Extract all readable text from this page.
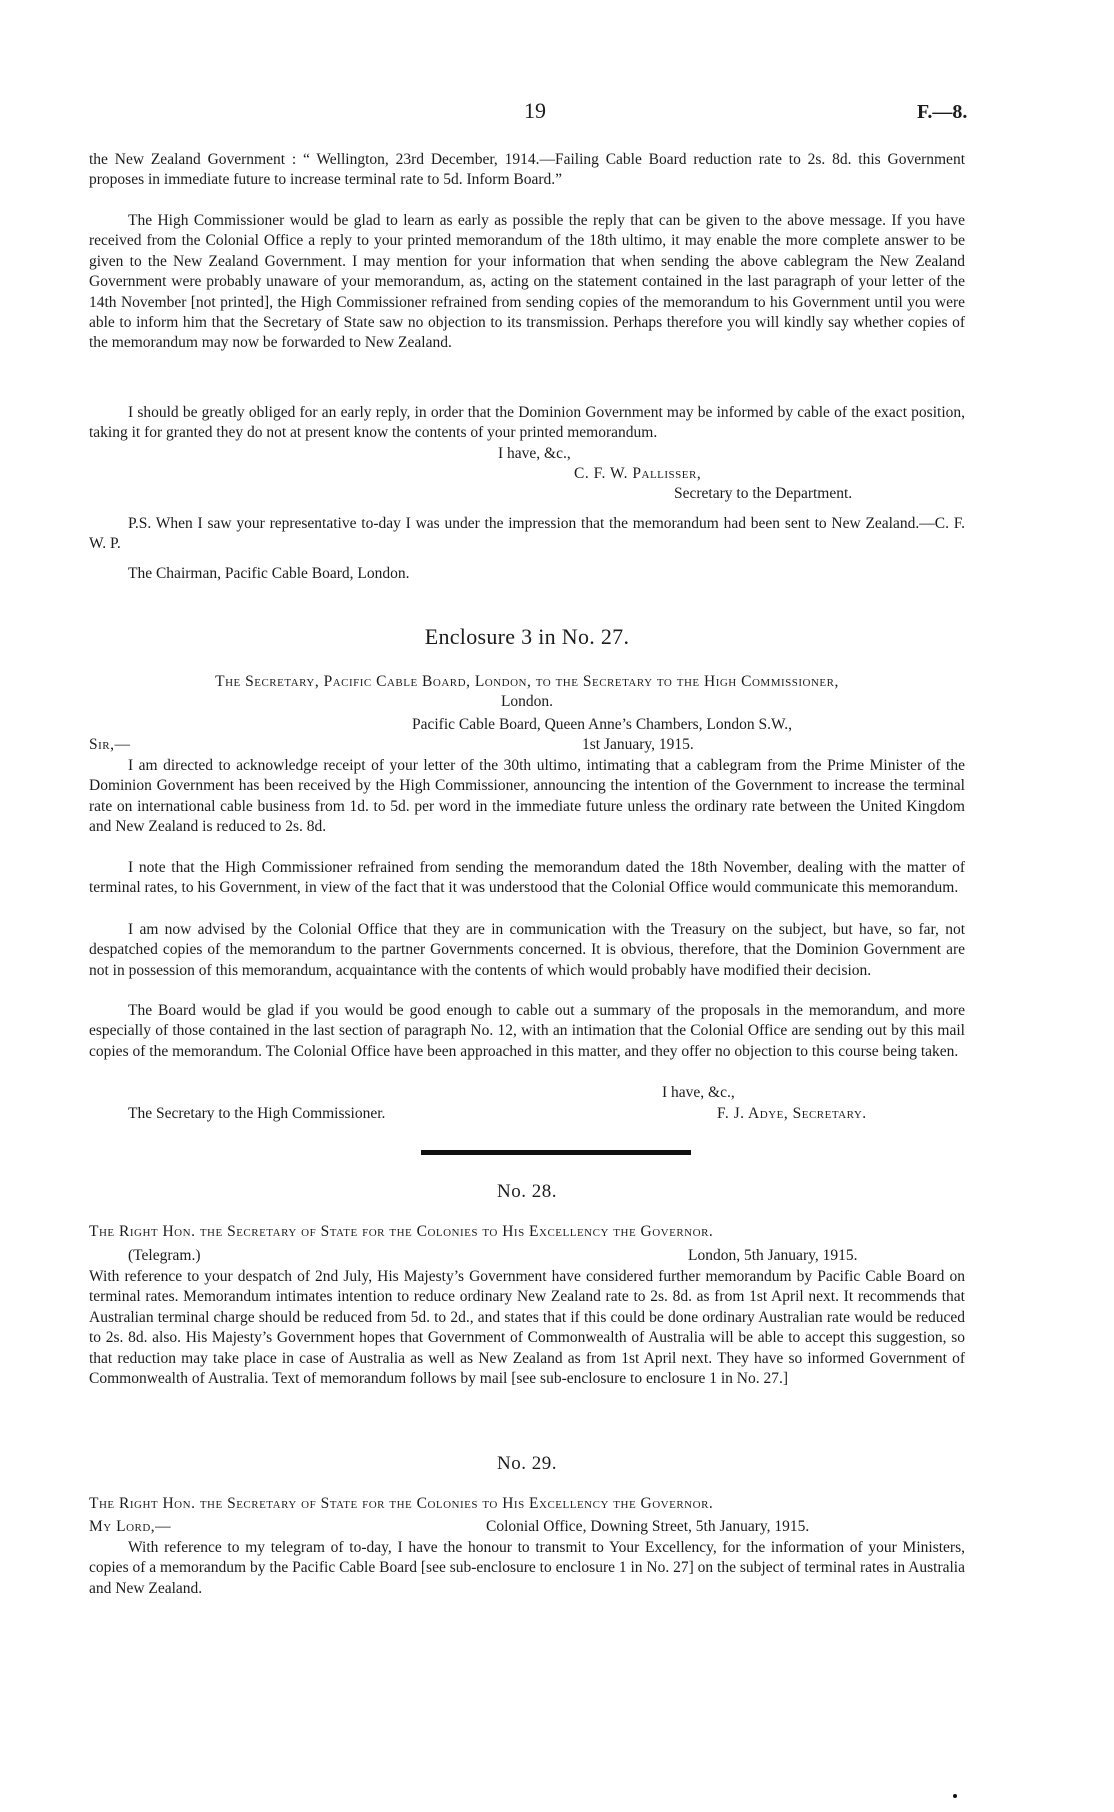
19	F.—8.

the New Zealand Government : “ Wellington, 23rd December, 1914.—Failing Cable Board reduction rate to 2s. 8d. this Government proposes in immediate future to increase terminal rate to 5d. Inform Board.”

The High Commissioner would be glad to learn as early as possible the reply that can be given to the above message. If you have received from the Colonial Office a reply to your printed memorandum of the 18th ultimo, it may enable the more complete answer to be given to the New Zealand Government. I may mention for your information that when sending the above cablegram the New Zealand Government were probably unaware of your memorandum, as, acting on the statement contained in the last paragraph of your letter of the 14th November [not printed], the High Commissioner refrained from sending copies of the memorandum to his Government until you were able to inform him that the Secretary of State saw no objection to its transmission. Perhaps therefore you will kindly say whether copies of the memorandum may now be forwarded to New Zealand.

I should be greatly obliged for an early reply, in order that the Dominion Government may be informed by cable of the exact position, taking it for granted they do not at present know the contents of your printed memorandum.

I have, &c.,
C. F. W. Pallisser,
Secretary to the Department.

P.S. When I saw your representative to-day I was under the impression that the memorandum had been sent to New Zealand.—C. F. W. P.

The Chairman, Pacific Cable Board, London.
Enclosure 3 in No. 27.
The Secretary, Pacific Cable Board, London, to the Secretary to the High Commissioner,
London.
Pacific Cable Board, Queen Anne’s Chambers, London S.W.,
Sir,—	1st January, 1915.

I am directed to acknowledge receipt of your letter of the 30th ultimo, intimating that a cablegram from the Prime Minister of the Dominion Government has been received by the High Commissioner, announcing the intention of the Government to increase the terminal rate on international cable business from 1d. to 5d. per word in the immediate future unless the ordinary rate between the United Kingdom and New Zealand is reduced to 2s. 8d.

I note that the High Commissioner refrained from sending the memorandum dated the 18th November, dealing with the matter of terminal rates, to his Government, in view of the fact that it was understood that the Colonial Office would communicate this memorandum.

I am now advised by the Colonial Office that they are in communication with the Treasury on the subject, but have, so far, not despatched copies of the memorandum to the partner Governments concerned. It is obvious, therefore, that the Dominion Government are not in possession of this memorandum, acquaintance with the contents of which would probably have modified their decision.

The Board would be glad if you would be good enough to cable out a summary of the proposals in the memorandum, and more especially of those contained in the last section of paragraph No. 12, with an intimation that the Colonial Office are sending out by this mail copies of the memorandum. The Colonial Office have been approached in this matter, and they offer no objection to this course being taken.

I have, &c.,
The Secretary to the High Commissioner.	F. J. Adye, Secretary.
No. 28.
The Right Hon. the Secretary of State for the Colonies to His Excellency the Governor.
(Telegram.)	London, 5th January, 1915.

With reference to your despatch of 2nd July, His Majesty’s Government have considered further memorandum by Pacific Cable Board on terminal rates. Memorandum intimates intention to reduce ordinary New Zealand rate to 2s. 8d. as from 1st April next. It recommends that Australian terminal charge should be reduced from 5d. to 2d., and states that if this could be done ordinary Australian rate would be reduced to 2s. 8d. also. His Majesty’s Government hopes that Government of Commonwealth of Australia will be able to accept this suggestion, so that reduction may take place in case of Australia as well as New Zealand as from 1st April next. They have so informed Government of Commonwealth of Australia. Text of memorandum follows by mail [see sub-enclosure to enclosure 1 in No. 27.]

No. 29.
The Right Hon. the Secretary of State for the Colonies to His Excellency the Governor.
My Lord,—	Colonial Office, Downing Street, 5th January, 1915.

With reference to my telegram of to-day, I have the honour to transmit to Your Excellency, for the information of your Ministers, copies of a memorandum by the Pacific Cable Board [see sub-enclosure to enclosure 1 in No. 27] on the subject of terminal rates in Australia and New Zealand.
